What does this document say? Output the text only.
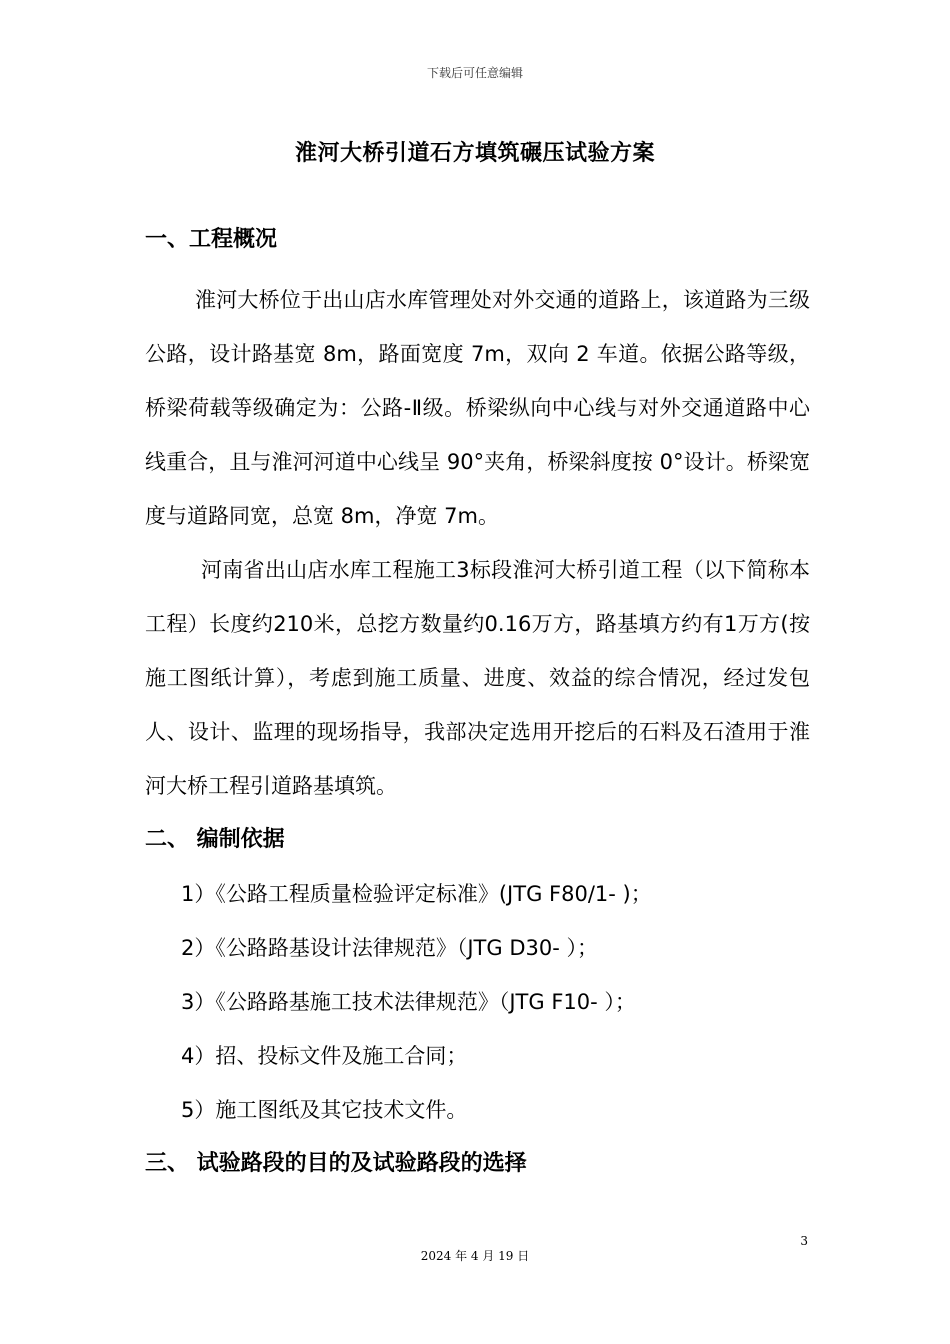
下载后可任意编辑
淮河大桥引道石方填筑碾压试验方案
一、工程概况

淮河大桥位于出山店水库管理处对外交通的道路上，该道路为三级公路，设计路基宽 8m，路面宽度 7m，双向 2 车道。依据公路等级，桥梁荷载等级确定为：公路-Ⅱ级。桥梁纵向中心线与对外交通道路中心线重合，且与淮河河道中心线呈 90°夹角，桥梁斜度按 0°设计。桥梁宽度与道路同宽，总宽 8m，净宽 7m。

河南省出山店水库工程施工3标段淮河大桥引道工程（以下简称本工程）长度约210米，总挖方数量约0.16万方，路基填方约有1万方(按施工图纸计算），考虑到施工质量、进度、效益的综合情况，经过发包人、设计、监理的现场指导，我部决定选用开挖后的石料及石渣用于淮河大桥工程引道路基填筑。

二、 编制依据
1）《公路工程质量检验评定标准》(JTG F80/1- )；
2）《公路路基设计法律规范》（JTG D30- ）；
3）《公路路基施工技术法律规范》（JTG F10- ）；
4）招、投标文件及施工合同；
5）施工图纸及其它技术文件。
三、 试验路段的目的及试验路段的选择
3
2024 年 4 月 19 日
